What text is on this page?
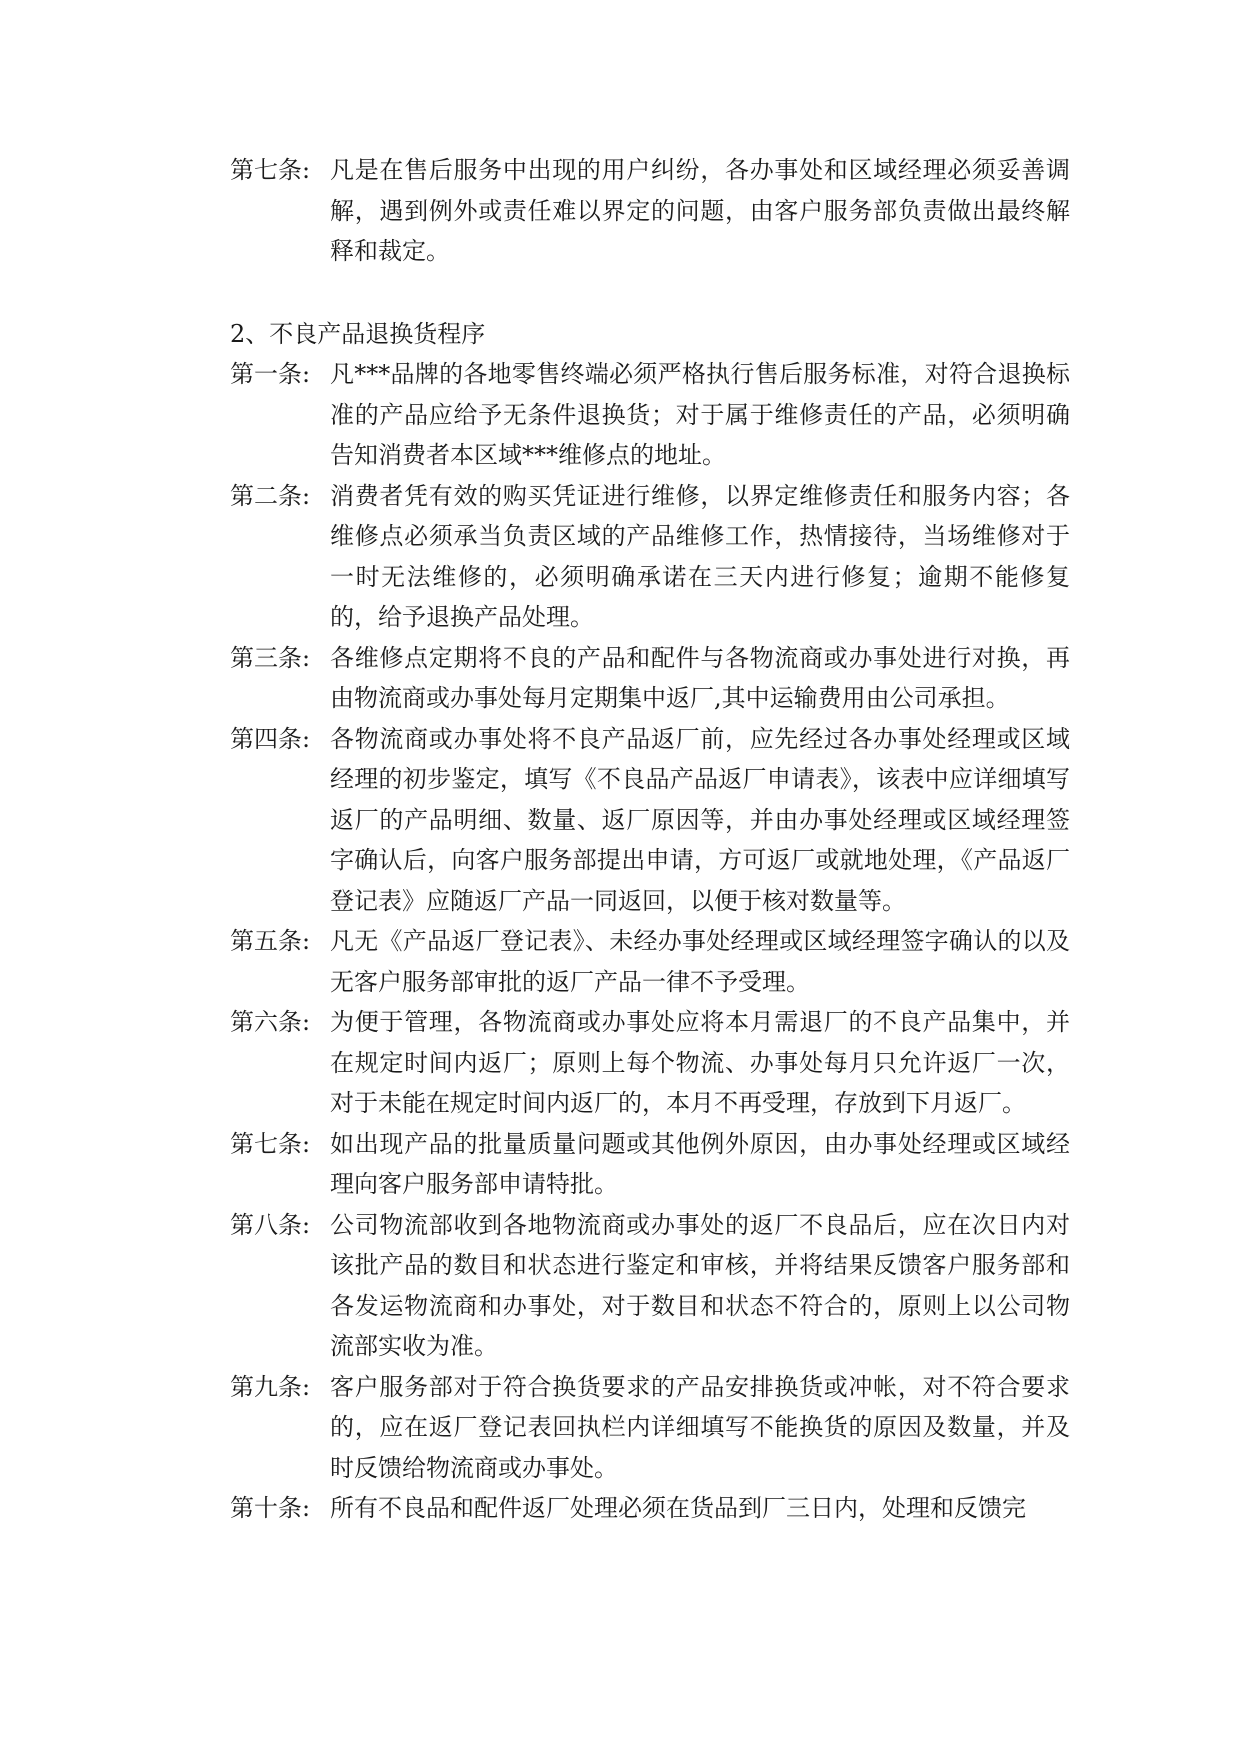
第七条: 凡是在售后服务中出现的用户纠纷，各办事处和区域经理必须妥善调解，遇到例外或责任难以界定的问题，由客户服务部负责做出最终解释和裁定。
2、不良产品退换货程序
第一条: 凡***品牌的各地零售终端必须严格执行售后服务标准，对符合退换标准的产品应给予无条件退换货；对于属于维修责任的产品，必须明确告知消费者本区域***维修点的地址。
第二条: 消费者凭有效的购买凭证进行维修，以界定维修责任和服务内容；各维修点必须承当负责区域的产品维修工作，热情接待，当场维修对于一时无法维修的，必须明确承诺在三天内进行修复；逾期不能修复的，给予退换产品处理。
第三条: 各维修点定期将不良的产品和配件与各物流商或办事处进行对换，再由物流商或办事处每月定期集中返厂,其中运输费用由公司承担。
第四条: 各物流商或办事处将不良产品返厂前，应先经过各办事处经理或区域经理的初步鉴定，填写《不良品产品返厂申请表》，该表中应详细填写返厂的产品明细、数量、返厂原因等，并由办事处经理或区域经理签字确认后，向客户服务部提出申请，方可返厂或就地处理，《产品返厂登记表》应随返厂产品一同返回，以便于核对数量等。
第五条: 凡无《产品返厂登记表》、未经办事处经理或区域经理签字确认的以及无客户服务部审批的返厂产品一律不予受理。
第六条: 为便于管理，各物流商或办事处应将本月需退厂的不良产品集中，并在规定时间内返厂；原则上每个物流、办事处每月只允许返厂一次，对于未能在规定时间内返厂的，本月不再受理，存放到下月返厂。
第七条: 如出现产品的批量质量问题或其他例外原因，由办事处经理或区域经理向客户服务部申请特批。
第八条: 公司物流部收到各地物流商或办事处的返厂不良品后，应在次日内对该批产品的数目和状态进行鉴定和审核，并将结果反馈客户服务部和各发运物流商和办事处，对于数目和状态不符合的，原则上以公司物流部实收为准。
第九条: 客户服务部对于符合换货要求的产品安排换货或冲帐，对不符合要求的，应在返厂登记表回执栏内详细填写不能换货的原因及数量，并及时反馈给物流商或办事处。
第十条: 所有不良品和配件返厂处理必须在货品到厂三日内，处理和反馈完
